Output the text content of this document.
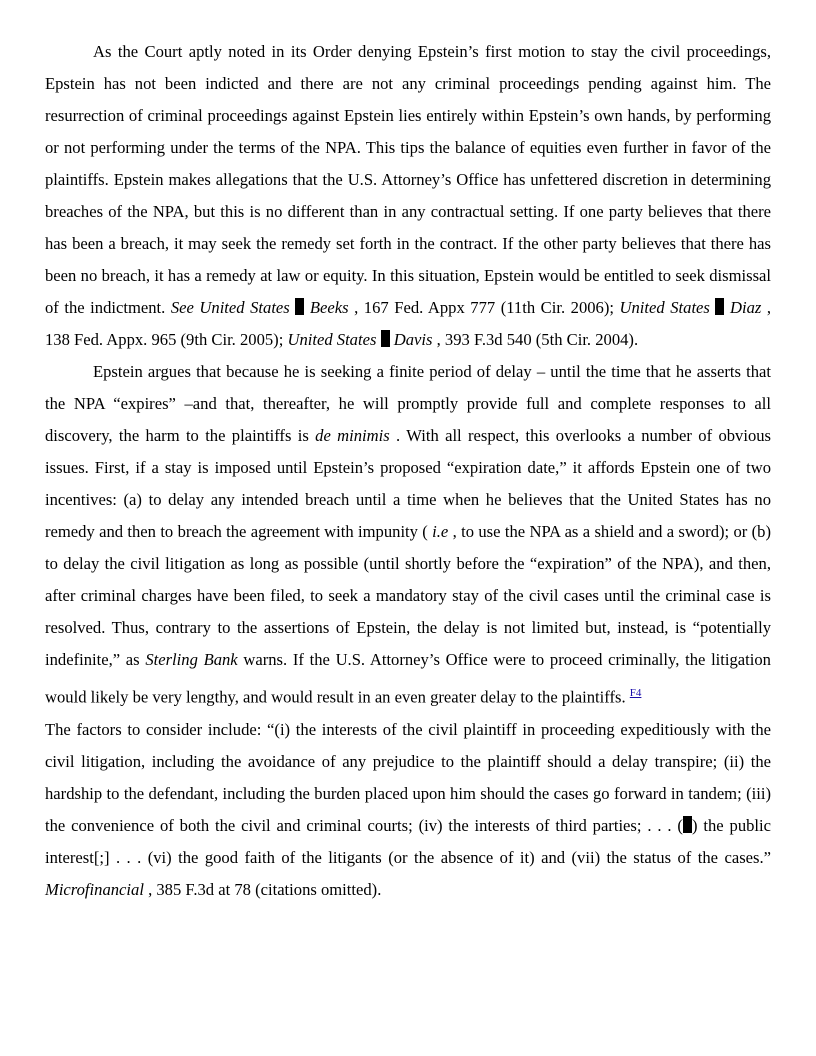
As the Court aptly noted in its Order denying Epstein’s first motion to stay the civil proceedings, Epstein has not been indicted and there are not any criminal proceedings pending against him. The resurrection of criminal proceedings against Epstein lies entirely within Epstein’s own hands, by performing or not performing under the terms of the NPA. This tips the balance of equities even further in favor of the plaintiffs. Epstein makes allegations that the U.S. Attorney’s Office has unfettered discretion in determining breaches of the NPA, but this is no different than in any contractual setting. If one party believes that there has been a breach, it may seek the remedy set forth in the contract. If the other party believes that there has been no breach, it has a remedy at law or equity. In this situation, Epstein would be entitled to seek dismissal of the indictment. See United States Beeks , 167 Fed. Appx 777 (11th Cir. 2006); United States Diaz , 138 Fed. Appx. 965 (9th Cir. 2005); United States Davis , 393 F.3d 540 (5th Cir. 2004).

Epstein argues that because he is seeking a finite period of delay – until the time that he asserts that the NPA “expires” –and that, thereafter, he will promptly provide full and complete responses to all discovery, the harm to the plaintiffs is de minimis . With all respect, this overlooks a number of obvious issues. First, if a stay is imposed until Epstein’s proposed “expiration date,” it affords Epstein one of two incentives: (a) to delay any intended breach until a time when he believes that the United States has no remedy and then to breach the agreement with impunity ( i.e , to use the NPA as a shield and a sword); or (b) to delay the civil litigation as long as possible (until shortly before the “expiration” of the NPA), and then, after criminal charges have been filed, to seek a mandatory stay of the civil cases until the criminal case is resolved. Thus, contrary to the assertions of Epstein, the delay is not limited but, instead, is “potentially indefinite,” as Sterling Bank warns. If the U.S. Attorney’s Office were to proceed criminally, the litigation would likely be very lengthy, and would result in an even greater delay to the plaintiffs. $^{F4}$

The factors to consider include: “(i) the interests of the civil plaintiff in proceeding expeditiously with the civil litigation, including the avoidance of any prejudice to the plaintiff should a delay transpire; (ii) the hardship to the defendant, including the burden placed upon him should the cases go forward in tandem; (iii) the convenience of both the civil and criminal courts; (iv) the interests of third parties; . . . ( ) the public interest[;] . . . (vi) the good faith of the litigants (or the absence of it) and (vii) the status of the cases.” Microfinancial , 385 F.3d at 78 (citations omitted).
